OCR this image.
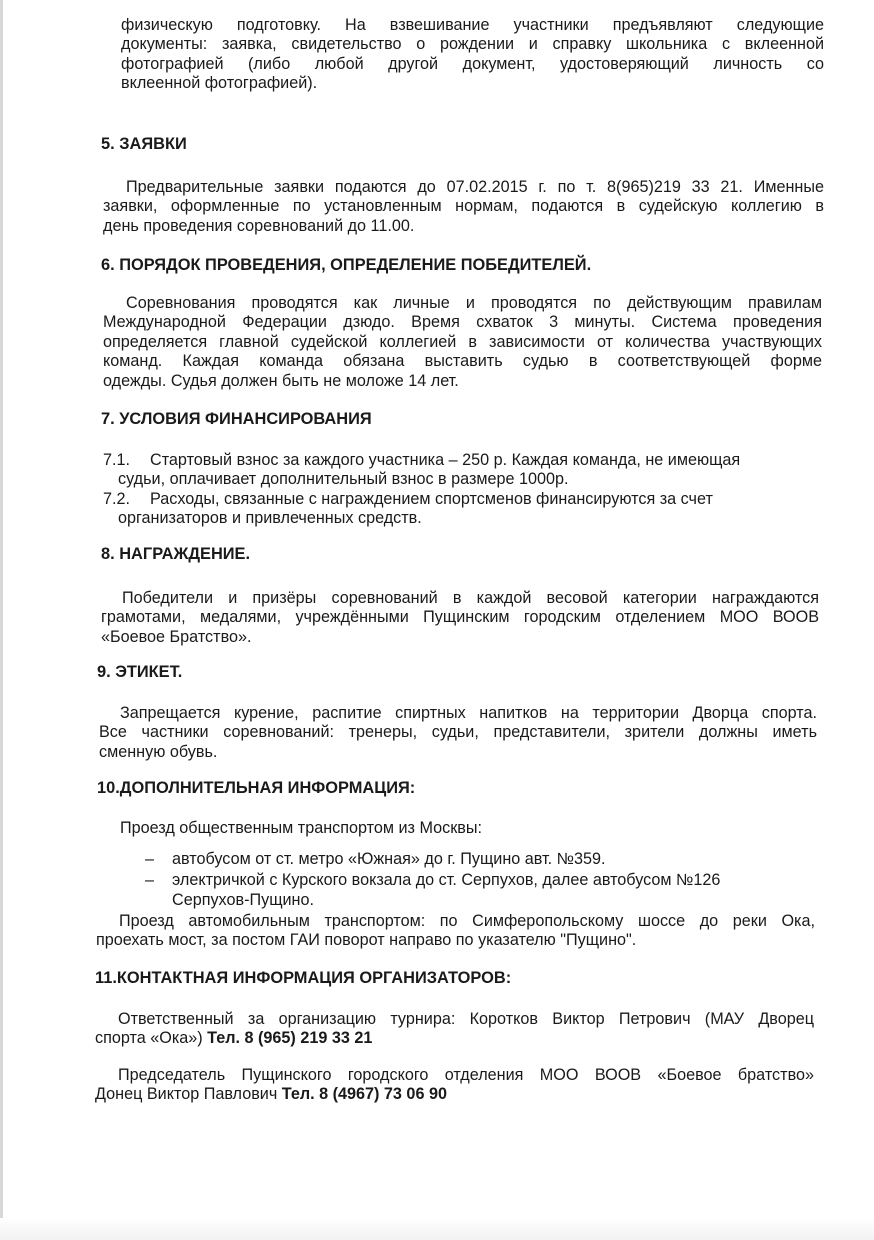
физическую подготовку. На взвешивание участники предъявляют следующие
документы: заявка, свидетельство о рождении и справку школьника с вклеенной
фотографией (либо любой другой документ, удостоверяющий личность со
вклеенной фотографией).
5. ЗАЯВКИ
Предварительные заявки подаются до 07.02.2015 г. по т. 8(965)219 33 21. Именные
заявки, оформленные по установленным нормам, подаются в судейскую коллегию в
день проведения соревнований до 11.00.
6. ПОРЯДОК ПРОВЕДЕНИЯ, ОПРЕДЕЛЕНИЕ ПОБЕДИТЕЛЕЙ.
Соревнования проводятся как личные и проводятся по действующим правилам
Международной Федерации дзюдо. Время схваток 3 минуты. Система проведения
определяется главной судейской коллегией в зависимости от количества участвующих
команд. Каждая команда обязана выставить судью в соответствующей форме
одежды. Судья должен быть не моложе 14 лет.
7. УСЛОВИЯ ФИНАНСИРОВАНИЯ
7.1. Стартовый взнос за каждого участника – 250 р. Каждая команда, не имеющая
судьи, оплачивает дополнительный взнос в размере 1000р.
7.2. Расходы, связанные с награждением спортсменов финансируются за счет
организаторов и привлеченных средств.
8. НАГРАЖДЕНИЕ.
Победители и призёры соревнований в каждой весовой категории награждаются
грамотами, медалями, учреждёнными Пущинским городским отделением МОО ВООВ
«Боевое Братство».
9. ЭТИКЕТ.
Запрещается курение, распитие спиртных напитков на территории Дворца спорта.
Все частники соревнований: тренеры, судьи, представители, зрители должны иметь
сменную обувь.
10.ДОПОЛНИТЕЛЬНАЯ ИНФОРМАЦИЯ:
Проезд общественным транспортом из Москвы:
– автобусом от ст. метро «Южная» до г. Пущино авт. №359.
– электричкой с Курского вокзала до ст. Серпухов, далее автобусом №126
Серпухов-Пущино.
Проезд автомобильным транспортом: по Симферопольскому шоссе до реки Ока,
проехать мост, за постом ГАИ поворот направо по указателю "Пущино".
11.КОНТАКТНАЯ ИНФОРМАЦИЯ ОРГАНИЗАТОРОВ:
Ответственный за организацию турнира: Коротков Виктор Петрович (МАУ Дворец
спорта «Ока») Тел. 8 (965) 219 33 21
Председатель Пущинского городского отделения МОО ВООВ «Боевое братство»
Донец Виктор Павлович Тел. 8 (4967) 73 06 90
